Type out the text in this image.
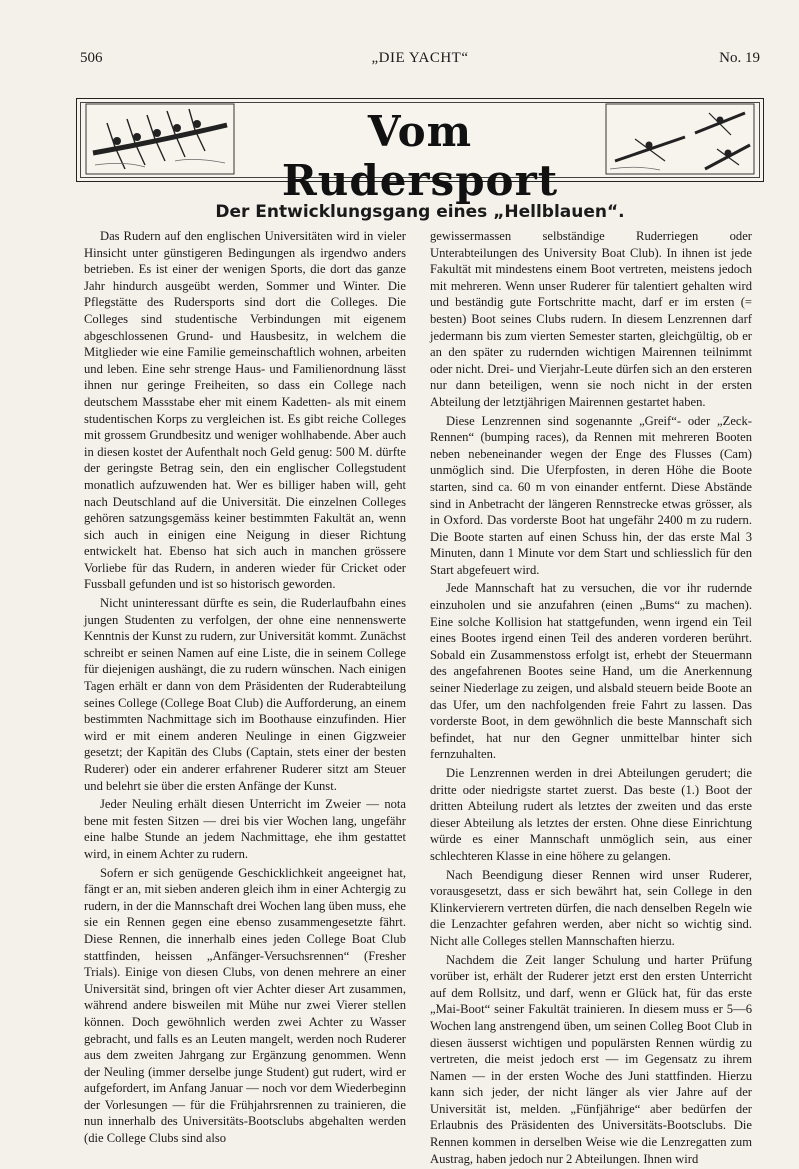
506	„DIE YACHT“	No. 19
Vom Rudersport
Der Entwicklungsgang eines „Hellblauen“.

Das Rudern auf den englischen Universitäten wird in vieler Hinsicht unter günstigeren Bedingungen als irgendwo anders betrieben. Es ist einer der wenigen Sports, die dort das ganze Jahr hindurch ausgeübt werden, Sommer und Winter. Die Pflegstätte des Rudersports sind dort die Colleges. Die Colleges sind studentische Verbindungen mit eigenem abgeschlossenen Grund- und Hausbesitz, in welchem die Mitglieder wie eine Familie gemeinschaftlich wohnen, arbeiten und leben. Eine sehr strenge Haus- und Familienordnung lässt ihnen nur geringe Freiheiten, so dass ein College nach deutschem Massstabe eher mit einem Kadetten- als mit einem studentischen Korps zu vergleichen ist. Es gibt reiche Colleges mit grossem Grundbesitz und weniger wohlhabende. Aber auch in diesen kostet der Aufenthalt noch Geld genug: 500 M. dürfte der geringste Betrag sein, den ein englischer Collegstudent monatlich aufzuwenden hat. Wer es billiger haben will, geht nach Deutschland auf die Universität. Die einzelnen Colleges gehören satzungsgemäss keiner bestimmten Fakultät an, wenn sich auch in einigen eine Neigung in dieser Richtung entwickelt hat. Ebenso hat sich auch in manchen grössere Vorliebe für das Rudern, in anderen wieder für Cricket oder Fussball gefunden und ist so historisch geworden.

Nicht uninteressant dürfte es sein, die Ruderlaufbahn eines jungen Studenten zu verfolgen, der ohne eine nennenswerte Kenntnis der Kunst zu rudern, zur Universität kommt. Zunächst schreibt er seinen Namen auf eine Liste, die in seinem College für diejenigen aushängt, die zu rudern wünschen. Nach einigen Tagen erhält er dann von dem Präsidenten der Ruderabteilung seines College (College Boat Club) die Aufforderung, an einem bestimmten Nachmittage sich im Boothause einzufinden. Hier wird er mit einem anderen Neulinge in einen Gigzweier gesetzt; der Kapitän des Clubs (Captain, stets einer der besten Ruderer) oder ein anderer erfahrener Ruderer sitzt am Steuer und belehrt sie über die ersten Anfänge der Kunst.

Jeder Neuling erhält diesen Unterricht im Zweier — nota bene mit festen Sitzen — drei bis vier Wochen lang, ungefähr eine halbe Stunde an jedem Nachmittage, ehe ihm gestattet wird, in einem Achter zu rudern.

Sofern er sich genügende Geschicklichkeit angeeignet hat, fängt er an, mit sieben anderen gleich ihm in einer Achtergig zu rudern, in der die Mannschaft drei Wochen lang üben muss, ehe sie ein Rennen gegen eine ebenso zusammengesetzte fährt. Diese Rennen, die innerhalb eines jeden College Boat Club stattfinden, heissen „Anfänger-Versuchsrennen“ (Fresher Trials). Einige von diesen Clubs, von denen mehrere an einer Universität sind, bringen oft vier Achter dieser Art zusammen, während andere bisweilen mit Mühe nur zwei Vierer stellen können. Doch gewöhnlich werden zwei Achter zu Wasser gebracht, und falls es an Leuten mangelt, werden noch Ruderer aus dem zweiten Jahrgang zur Ergänzung genommen. Wenn der Neuling (immer derselbe junge Student) gut rudert, wird er aufgefordert, im Anfang Januar — noch vor dem Wiederbeginn der Vorlesungen — für die Frühjahrsrennen zu trainieren, die nun innerhalb des Universitäts-Bootsclubs abgehalten werden (die College Clubs sind also

gewissermassen selbständige Ruderriegen oder Unterabteilungen des University Boat Club). In ihnen ist jede Fakultät mit mindestens einem Boot vertreten, meistens jedoch mit mehreren. Wenn unser Ruderer für talentiert gehalten wird und beständig gute Fortschritte macht, darf er im ersten (= besten) Boot seines Clubs rudern. In diesem Lenzrennen darf jedermann bis zum vierten Semester starten, gleichgültig, ob er an den später zu rudernden wichtigen Mairennen teilnimmt oder nicht. Drei- und Vierjahr-Leute dürfen sich an den ersteren nur dann beteiligen, wenn sie noch nicht in der ersten Abteilung der letztjährigen Mairennen gestartet haben.

Diese Lenzrennen sind sogenannte „Greif“- oder „Zeck-Rennen“ (bumping races), da Rennen mit mehreren Booten neben nebeneinander wegen der Enge des Flusses (Cam) unmöglich sind. Die Uferpfosten, in deren Höhe die Boote starten, sind ca. 60 m von einander entfernt. Diese Abstände sind in Anbetracht der längeren Rennstrecke etwas grösser, als in Oxford. Das vorderste Boot hat ungefähr 2400 m zu rudern. Die Boote starten auf einen Schuss hin, der das erste Mal 3 Minuten, dann 1 Minute vor dem Start und schliesslich für den Start abgefeuert wird.

Jede Mannschaft hat zu versuchen, die vor ihr rudernde einzuholen und sie anzufahren (einen „Bums“ zu machen). Eine solche Kollision hat stattgefunden, wenn irgend ein Teil eines Bootes irgend einen Teil des anderen vorderen berührt. Sobald ein Zusammenstoss erfolgt ist, erhebt der Steuermann des angefahrenen Bootes seine Hand, um die Anerkennung seiner Niederlage zu zeigen, und alsbald steuern beide Boote an das Ufer, um den nachfolgenden freie Fahrt zu lassen. Das vorderste Boot, in dem gewöhnlich die beste Mannschaft sich befindet, hat nur den Gegner unmittelbar hinter sich fernzuhalten.

Die Lenzrennen werden in drei Abteilungen gerudert; die dritte oder niedrigste startet zuerst. Das beste (1.) Boot der dritten Abteilung rudert als letztes der zweiten und das erste dieser Abteilung als letztes der ersten. Ohne diese Einrichtung würde es einer Mannschaft unmöglich sein, aus einer schlechteren Klasse in eine höhere zu gelangen.

Nach Beendigung dieser Rennen wird unser Ruderer, vorausgesetzt, dass er sich bewährt hat, sein College in den Klinkervierern vertreten dürfen, die nach denselben Regeln wie die Lenzachter gefahren werden, aber nicht so wichtig sind. Nicht alle Colleges stellen Mannschaften hierzu.

Nachdem die Zeit langer Schulung und harter Prüfung vorüber ist, erhält der Ruderer jetzt erst den ersten Unterricht auf dem Rollsitz, und darf, wenn er Glück hat, für das erste „Mai-Boot“ seiner Fakultät trainieren. In diesem muss er 5—6 Wochen lang anstrengend üben, um seinen Colleg Boot Club in diesen äusserst wichtigen und populärsten Rennen würdig zu vertreten, die meist jedoch erst — im Gegensatz zu ihrem Namen — in der ersten Woche des Juni stattfinden. Hierzu kann sich jeder, der nicht länger als vier Jahre auf der Universität ist, melden. „Fünfjährige“ aber bedürfen der Erlaubnis des Präsidenten des Universitäts-Bootsclubs. Die Rennen kommen in derselben Weise wie die Lenzregatten zum Austrag, haben jedoch nur 2 Abteilungen. Ihnen wird
